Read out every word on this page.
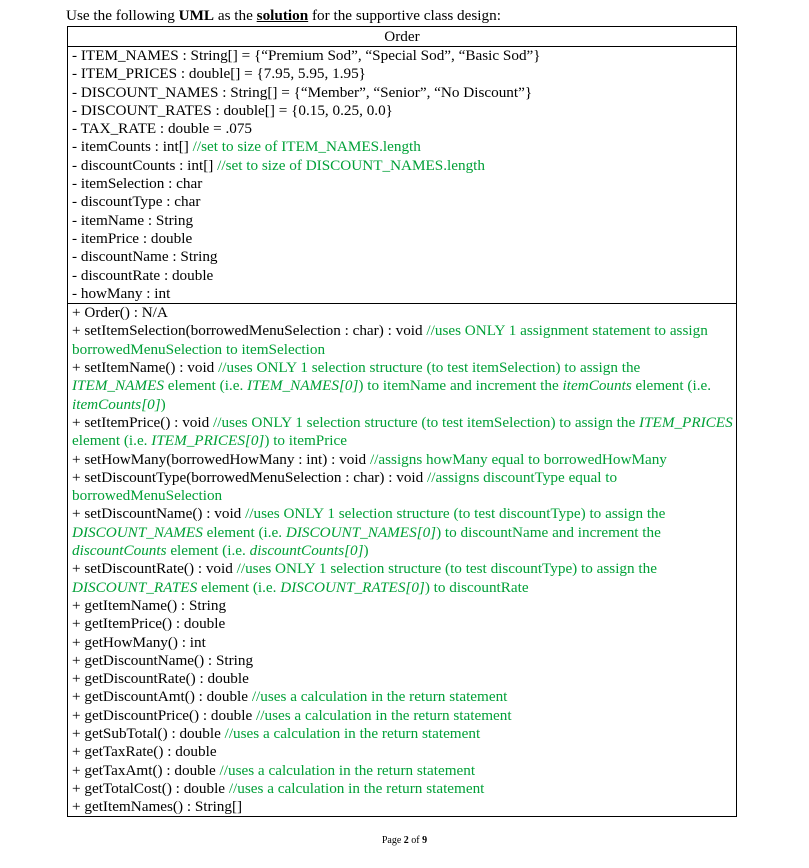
Use the following UML as the solution for the supportive class design:
Order
- ITEM_NAMES : String[] = {“Premium Sod”, “Special Sod”, “Basic Sod”}
- ITEM_PRICES : double[] = {7.95, 5.95, 1.95}
- DISCOUNT_NAMES : String[] = {“Member”, “Senior”, “No Discount”}
- DISCOUNT_RATES : double[] = {0.15, 0.25, 0.0}
- TAX_RATE : double = .075
- itemCounts : int[] //set to size of ITEM_NAMES.length
- discountCounts : int[] //set to size of DISCOUNT_NAMES.length
- itemSelection : char
- discountType : char
- itemName : String
- itemPrice : double
- discountName : String
- discountRate : double
- howMany : int
+ Order() : N/A
+ setItemSelection(borrowedMenuSelection : char) : void //uses ONLY 1 assignment statement to assign borrowedMenuSelection to itemSelection
+ setItemName() : void //uses ONLY 1 selection structure (to test itemSelection) to assign the ITEM_NAMES element (i.e. ITEM_NAMES[0]) to itemName and increment the itemCounts element (i.e. itemCounts[0])
+ setItemPrice() : void //uses ONLY 1 selection structure (to test itemSelection) to assign the ITEM_PRICES element (i.e. ITEM_PRICES[0]) to itemPrice
+ setHowMany(borrowedHowMany : int) : void //assigns howMany equal to borrowedHowMany
+ setDiscountType(borrowedMenuSelection : char) : void //assigns discountType equal to borrowedMenuSelection
+ setDiscountName() : void //uses ONLY 1 selection structure (to test discountType) to assign the DISCOUNT_NAMES element (i.e. DISCOUNT_NAMES[0]) to discountName and increment the discountCounts element (i.e. discountCounts[0])
+ setDiscountRate() : void //uses ONLY 1 selection structure (to test discountType) to assign the DISCOUNT_RATES element (i.e. DISCOUNT_RATES[0]) to discountRate
+ getItemName() : String
+ getItemPrice() : double
+ getHowMany() : int
+ getDiscountName() : String
+ getDiscountRate() : double
+ getDiscountAmt() : double //uses a calculation in the return statement
+ getDiscountPrice() : double //uses a calculation in the return statement
+ getSubTotal() : double //uses a calculation in the return statement
+ getTaxRate() : double
+ getTaxAmt() : double //uses a calculation in the return statement
+ getTotalCost() : double //uses a calculation in the return statement
+ getItemNames() : String[]
Page 2 of 9
